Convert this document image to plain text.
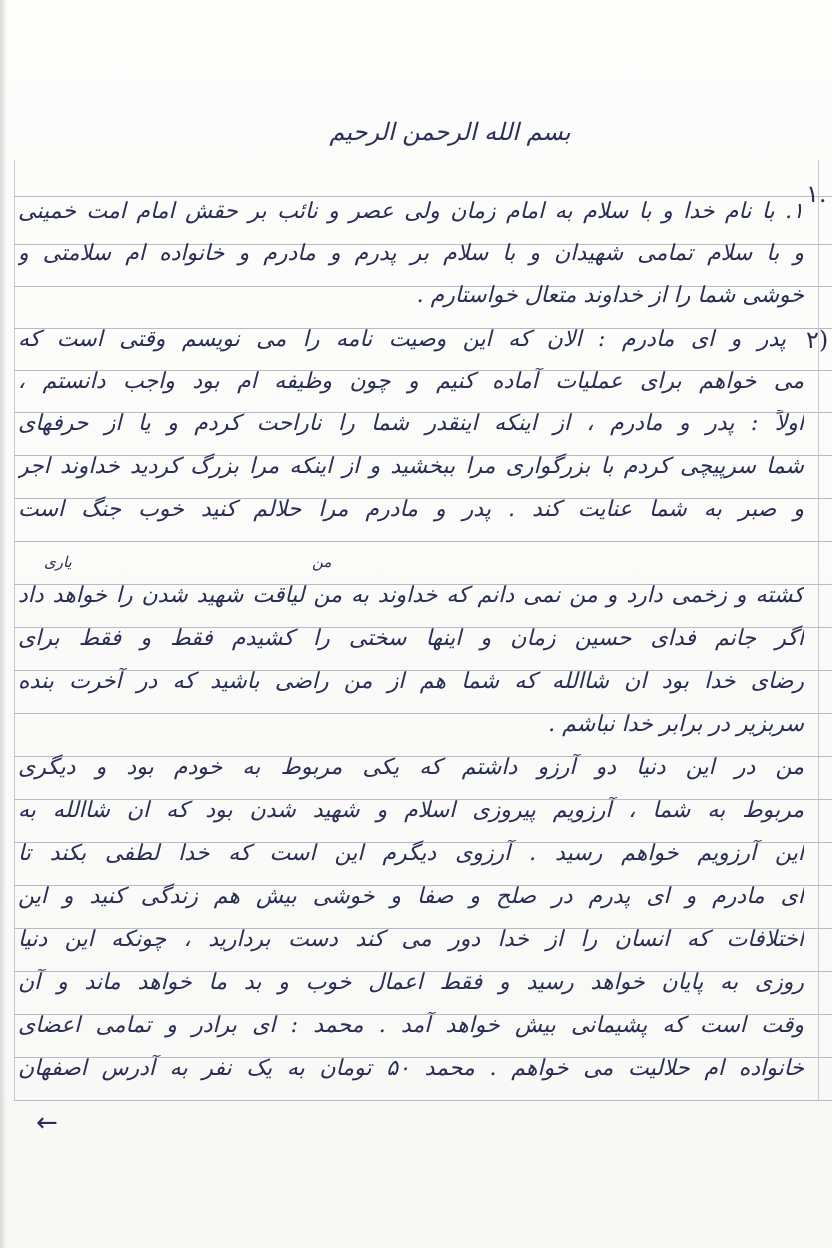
بسم الله الرحمن الرحیم
۱.
۲)
۱. با نام خدا و با سلام به امام زمان ولی عصر و نائب بر حقش امام امت خمینی
و با سلام تمامی شهیدان و با سلام بر پدرم و مادرم و خانواده ام سلامتی و
خوشی شما را از خداوند متعال خواستارم .
پدر و ای مادرم : الان که این وصیت نامه را می نویسم وقتی است که
می خواهم برای عملیات آماده کنیم و چون وظیفه ام بود واجب دانستم ،
اولاً : پدر و مادرم ، از اینکه اینقدر شما را ناراحت کردم و یا از حرفهای
شما سرپیچی کردم با بزرگواری مرا ببخشید و از اینکه مرا بزرگ کردید خداوند اجر
و صبر به شما عنایت کند . پدر و مادرم مرا حلالم کنید خوب جنگ است
من
یاری
کشته و زخمی دارد و من نمی دانم که خداوند به من لیاقت شهید شدن را خواهد داد
اگر جانم فدای حسین زمان و اینها سختی را کشیدم فقط و فقط برای
رضای خدا بود ان شاالله که شما هم از من راضی باشید که در آخرت بنده
سربزیر در برابر خدا نباشم .
من در این دنیا دو آرزو داشتم که یکی مربوط به خودم بود و دیگری
مربوط به شما ، آرزویم پیروزی اسلام و شهید شدن بود که ان شاالله به
این آرزویم خواهم رسید . آرزوی دیگرم این است که خدا لطفی بکند تا
ای مادرم و ای پدرم در صلح و صفا و خوشی بیش هم زندگی کنید و این
اختلافات که انسان را از خدا دور می کند دست بردارید ، چونکه این دنیا
روزی به پایان خواهد رسید و فقط اعمال خوب و بد ما خواهد ماند و آن
وقت است که پشیمانی بیش خواهد آمد . محمد : ای برادر و تمامی اعضای
خانواده ام حلالیت می خواهم . محمد ۵۰ تومان به یک نفر به آدرس اصفهان
←
